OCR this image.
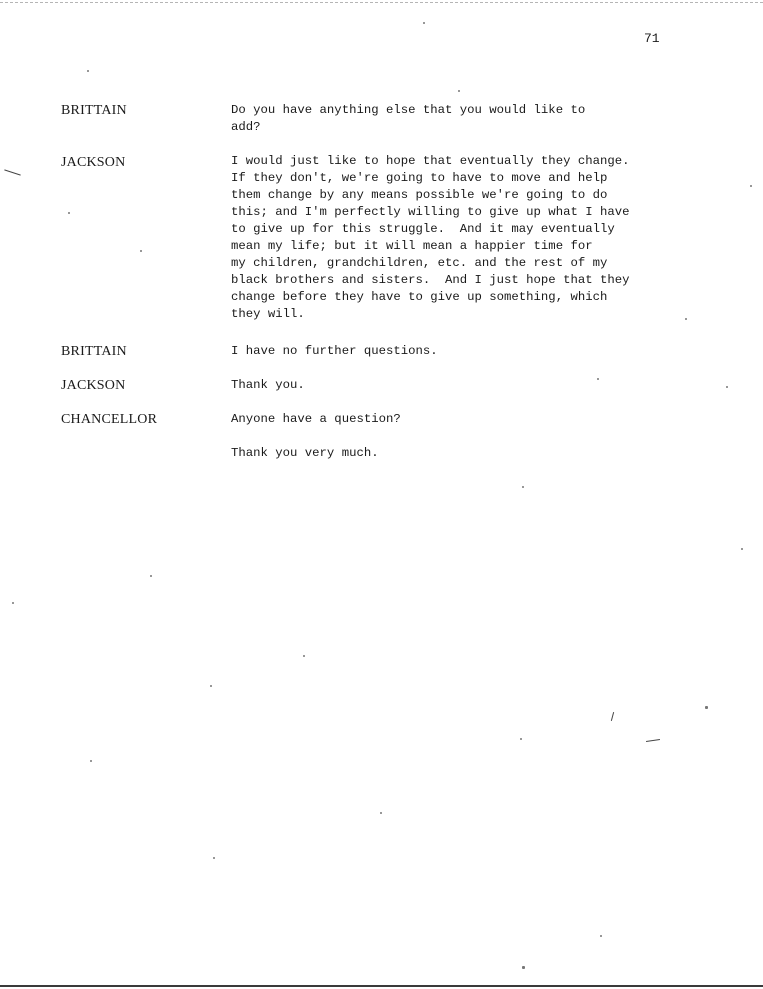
71
BRITTAIN	Do you have anything else that you would like to
add?
JACKSON	I would just like to hope that eventually they change.
If they don't, we're going to have to move and help
them change by any means possible we're going to do
this; and I'm perfectly willing to give up what I have
to give up for this struggle.  And it may eventually
mean my life; but it will mean a happier time for
my children, grandchildren, etc. and the rest of my
black brothers and sisters.  And I just hope that they
change before they have to give up something, which
they will.
BRITTAIN	I have no further questions.
JACKSON	Thank you.
CHANCELLOR	Anyone have a question?
Thank you very much.
